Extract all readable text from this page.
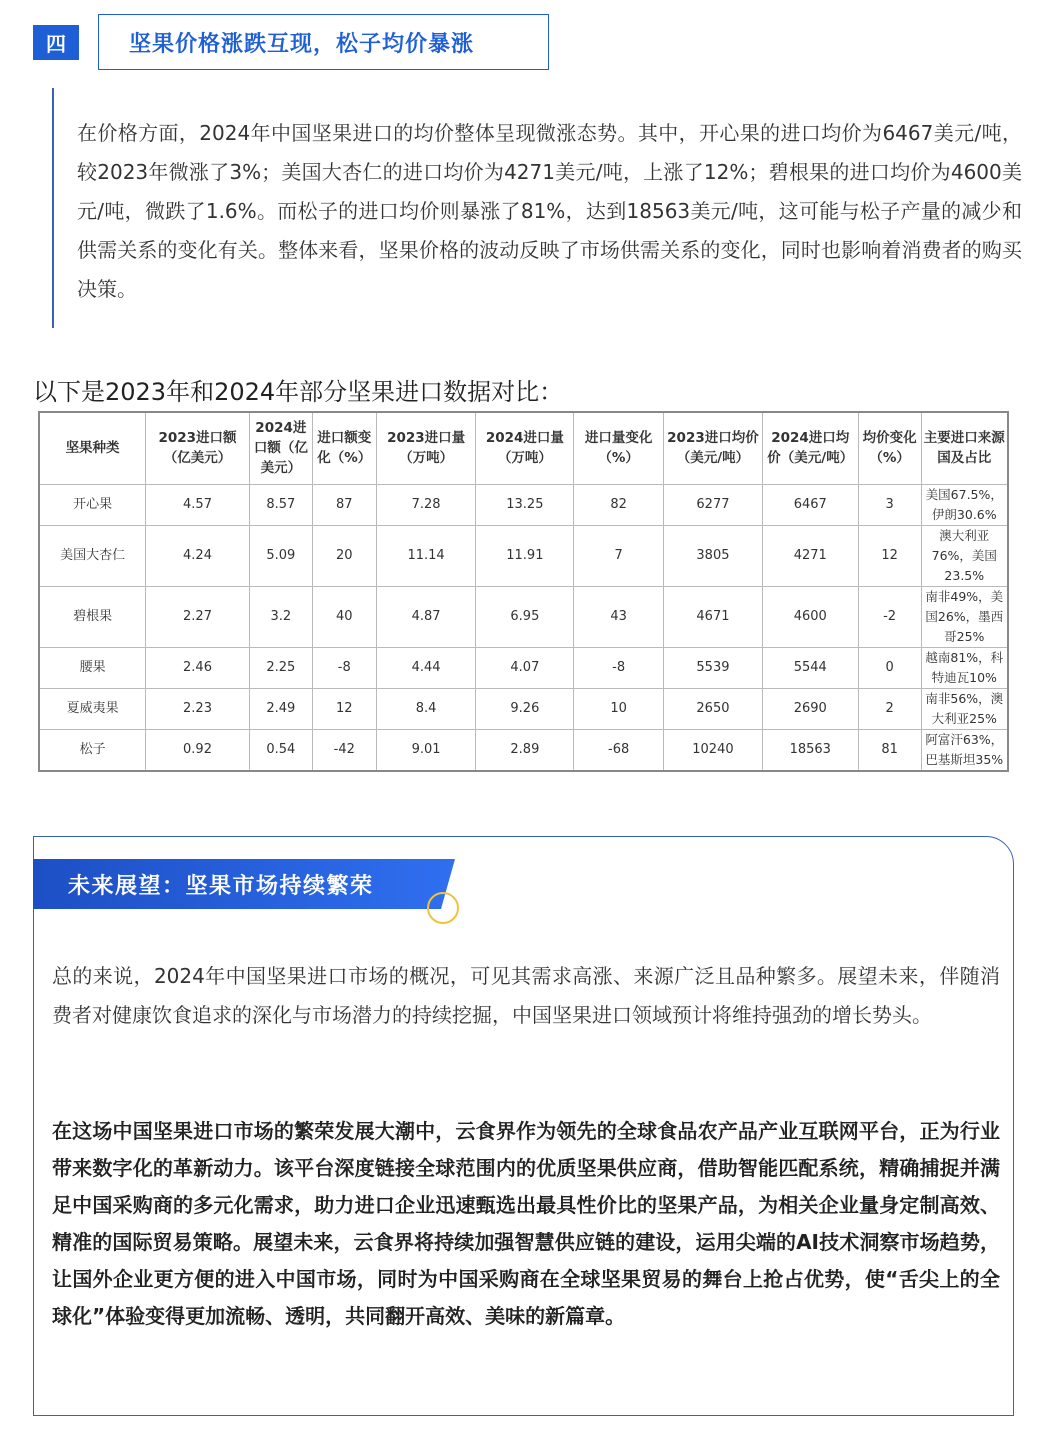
四	坚果价格涨跌互现，松子均价暴涨

在价格方面，2024年中国坚果进口的均价整体呈现微涨态势。其中，开心果的进口均价为6467美元/吨，较2023年微涨了3%；美国大杏仁的进口均价为4271美元/吨，上涨了12%；碧根果的进口均价为4600美元/吨，微跌了1.6%。而松子的进口均价则暴涨了81%，达到18563美元/吨，这可能与松子产量的减少和供需关系的变化有关。整体来看，坚果价格的波动反映了市场供需关系的变化，同时也影响着消费者的购买决策。

以下是2023年和2024年部分坚果进口数据对比：
坚果种类	2023进口额（亿美元）	2024进口额（亿美元）	进口额变化（%）	2023进口量（万吨）	2024进口量（万吨）	进口量变化（%）	2023进口均价（美元/吨）	2024进口均价（美元/吨）	均价变化（%）	主要进口来源国及占比
开心果	4.57	8.57	87	7.28	13.25	82	6277	6467	3	美国67.5%，伊朗30.6%
美国大杏仁	4.24	5.09	20	11.14	11.91	7	3805	4271	12	澳大利亚76%，美国23.5%
碧根果	2.27	3.2	40	4.87	6.95	43	4671	4600	-2	南非49%，美国26%，墨西哥25%
腰果	2.46	2.25	-8	4.44	4.07	-8	5539	5544	0	越南81%，科特迪瓦10%
夏威夷果	2.23	2.49	12	8.4	9.26	10	2650	2690	2	南非56%，澳大利亚25%
松子	0.92	0.54	-42	9.01	2.89	-68	10240	18563	81	阿富汗63%，巴基斯坦35%
未来展望：坚果市场持续繁荣

总的来说，2024年中国坚果进口市场的概况，可见其需求高涨、来源广泛且品种繁多。展望未来，伴随消费者对健康饮食追求的深化与市场潜力的持续挖掘，中国坚果进口领域预计将维持强劲的增长势头。

在这场中国坚果进口市场的繁荣发展大潮中，云食界作为领先的全球食品农产品产业互联网平台，正为行业带来数字化的革新动力。该平台深度链接全球范围内的优质坚果供应商，借助智能匹配系统，精确捕捉并满足中国采购商的多元化需求，助力进口企业迅速甄选出最具性价比的坚果产品，为相关企业量身定制高效、精准的国际贸易策略。展望未来，云食界将持续加强智慧供应链的建设，运用尖端的AI技术洞察市场趋势，让国外企业更方便的进入中国市场，同时为中国采购商在全球坚果贸易的舞台上抢占优势，使“舌尖上的全球化”体验变得更加流畅、透明，共同翻开高效、美味的新篇章。
